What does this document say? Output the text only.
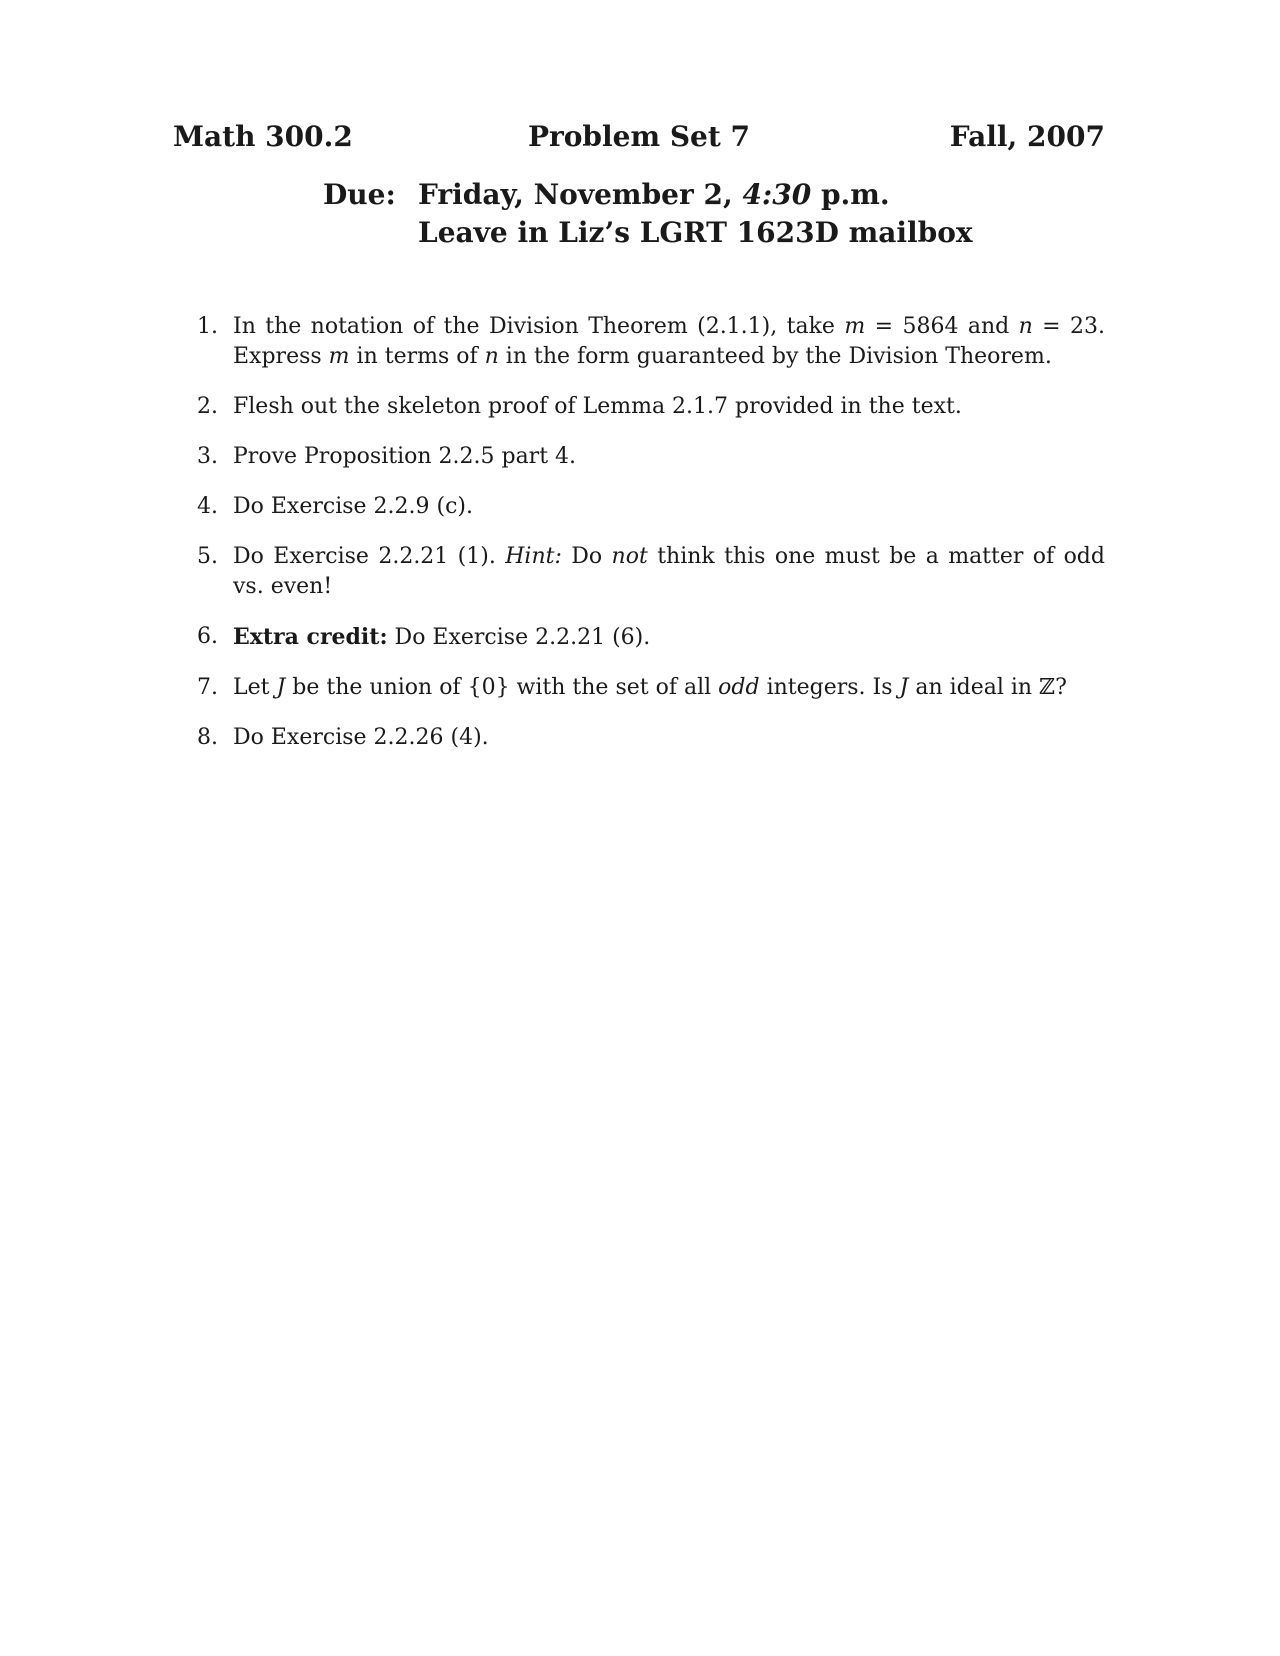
Math 300.2	Problem Set 7	Fall, 2007
Due: Friday, November 2, 4:30 p.m.
Leave in Liz’s LGRT 1623D mailbox
1. In the notation of the Division Theorem (2.1.1), take m = 5864 and n = 23. Express m in terms of n in the form guaranteed by the Division Theorem.
2. Flesh out the skeleton proof of Lemma 2.1.7 provided in the text.
3. Prove Proposition 2.2.5 part 4.
4. Do Exercise 2.2.9 (c).
5. Do Exercise 2.2.21 (1). Hint: Do not think this one must be a matter of odd vs. even!
6. Extra credit: Do Exercise 2.2.21 (6).
7. Let J be the union of {0} with the set of all odd integers. Is J an ideal in ℤ?
8. Do Exercise 2.2.26 (4).
